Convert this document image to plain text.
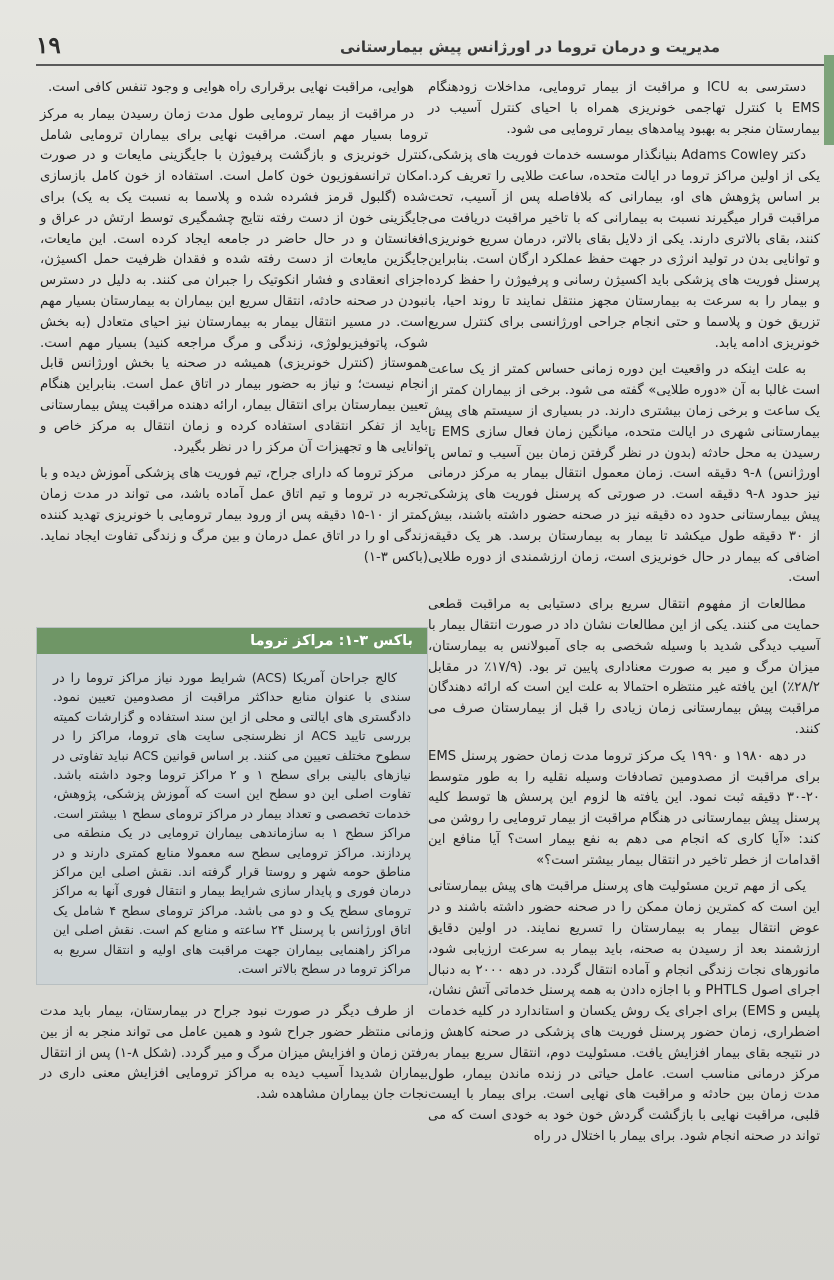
۱۹	مدیریت و درمان تروما در اورژانس پیش بیمارستانی

دسترسی به ICU و مراقبت از بیمار ترومایی، مداخلات زودهنگام EMS با کنترل تهاجمی خونریزی همراه با احیای کنترل آسیب در بیمارستان منجر به بهبود پیامدهای بیمار ترومایی می شود.

دکتر Adams Cowley بنیانگذار موسسه خدمات فوریت های پزشکی، یکی از اولین مراکز تروما در ایالت متحده، ساعت طلایی را تعریف کرد. بر اساس پژوهش های او، بیمارانی که بلافاصله پس از آسیب، تحت مراقبت قرار میگیرند نسبت به بیمارانی که با تاخیر مراقبت دریافت می کنند، بقای بالاتری دارند. یکی از دلایل بقای بالاتر، درمان سریع خونریزی و توانایی بدن در تولید انرژی در جهت حفظ عملکرد ارگان است. بنابراین پرسنل فوریت های پزشکی باید اکسیژن رسانی و پرفیوژن را حفظ کرده و بیمار را به سرعت به بیمارستان مجهز منتقل نمایند تا روند احیا، با تزریق خون و پلاسما و حتی انجام جراحی اورژانسی برای کنترل سریع خونریزی ادامه یابد.

به علت اینکه در واقعیت این دوره زمانی حساس کمتر از یک ساعت است غالبا به آن «دوره طلایی» گفته می شود. برخی از بیماران کمتر از یک ساعت و برخی زمان بیشتری دارند. در بسیاری از سیستم های پیش بیمارستانی شهری در ایالت متحده، میانگین زمان فعال سازی EMS تا رسیدن به محل حادثه (بدون در نظر گرفتن زمان بین آسیب و تماس با اورژانس) ۸-۹ دقیقه است. زمان معمول انتقال بیمار به مرکز درمانی نیز حدود ۸-۹ دقیقه است. در صورتی که پرسنل فوریت های پزشکی پیش بیمارستانی حدود ده دقیقه نیز در صحنه حضور داشته باشند، بیش از ۳۰ دقیقه طول میکشد تا بیمار به بیمارستان برسد. هر یک دقیقه اضافی که بیمار در حال خونریزی است، زمان ارزشمندی از دوره طلایی است.

مطالعات از مفهوم انتقال سریع برای دستیابی به مراقبت قطعی حمایت می کنند. یکی از این مطالعات نشان داد در صورت انتقال بیمار با آسیب دیدگی شدید با وسیله شخصی به جای آمبولانس به بیمارستان، میزان مرگ و میر به صورت معناداری پایین تر بود. (۱۷/۹٪ در مقابل ۲۸/۲٪) این یافته غیر منتظره احتمالا به علت این است که ارائه دهندگان مراقبت پیش بیمارستانی زمان زیادی را قبل از بیمارستان صرف می کنند.

در دهه ۱۹۸۰ و ۱۹۹۰ یک مرکز تروما مدت زمان حضور پرسنل EMS برای مراقبت از مصدومین تصادفات وسیله نقلیه را به طور متوسط ۲۰-۳۰ دقیقه ثبت نمود. این یافته ها لزوم این پرسش ها توسط کلیه پرسنل پیش بیمارستانی در هنگام مراقبت از بیمار ترومایی را روشن می کند: «آیا کاری که انجام می دهم به نفع بیمار است؟ آیا منافع این اقدامات از خطر تاخیر در انتقال بیمار بیشتر است؟»

یکی از مهم ترین مسئولیت های پرسنل مراقبت های پیش بیمارستانی این است که کمترین زمان ممکن را در صحنه حضور داشته باشند و در عوض انتقال بیمار به بیمارستان را تسریع نمایند. در اولین دقایق ارزشمند بعد از رسیدن به صحنه، باید بیمار به سرعت ارزیابی شود، مانورهای نجات زندگی انجام و آماده انتقال گردد. در دهه ۲۰۰۰ به دنبال اجرای اصول PHTLS و با اجازه دادن به همه پرسنل خدماتی آتش نشان، پلیس و EMS) برای اجرای یک روش یکسان و استاندارد در کلیه خدمات اضطراری، زمان حضور پرسنل فوریت های پزشکی در صحنه کاهش و در نتیجه بقای بیمار افزایش یافت. مسئولیت دوم، انتقال سریع بیمار به مرکز درمانی مناسب است. عامل حیاتی در زنده ماندن بیمار، طول مدت زمان بین حادثه و مراقبت های نهایی است. برای بیمار با ایست قلبی، مراقبت نهایی با بازگشت گردش خون خود به خودی است که می تواند در صحنه انجام شود. برای بیمار با اختلال در راه

هوایی، مراقبت نهایی برقراری راه هوایی و وجود تنفس کافی است.

در مراقبت از بیمار ترومایی طول مدت زمان رسیدن بیمار به مرکز تروما بسیار مهم است. مراقبت نهایی برای بیماران ترومایی شامل کنترل خونریزی و بازگشت پرفیوژن با جایگزینی مایعات و در صورت امکان ترانسفوزیون خون کامل است. استفاده از خون کامل بازسازی شده (گلبول قرمز فشرده شده و پلاسما به نسبت یک به یک) برای جایگزینی خون از دست رفته نتایج چشمگیری توسط ارتش در عراق و افغانستان و در حال حاضر در جامعه ایجاد کرده است. این مایعات، جایگزین مایعات از دست رفته شده و فقدان ظرفیت حمل اکسیژن، اجزای انعقادی و فشار انکوتیک را جبران می کنند. به دلیل در دسترس نبودن در صحنه حادثه، انتقال سریع این بیماران به بیمارستان بسیار مهم است. در مسیر انتقال بیمار به بیمارستان نیز احیای متعادل (به بخش شوک، پاتوفیزیولوژی، زندگی و مرگ مراجعه کنید) بسیار مهم است. هموستاز (کنترل خونریزی) همیشه در صحنه یا بخش اورژانس قابل انجام نیست؛ و نیاز به حضور بیمار در اتاق عمل است. بنابراین هنگام تعیین بیمارستان برای انتقال بیمار، ارائه دهنده مراقبت پیش بیمارستانی باید از تفکر انتقادی استفاده کرده و زمان انتقال به مرکز خاص و توانایی ها و تجهیزات آن مرکز را در نظر بگیرد.

مرکز تروما که دارای جراح، تیم فوریت های پزشکی آموزش دیده و با تجربه در تروما و تیم اتاق عمل آماده باشد، می تواند در مدت زمان کمتر از ۱۰-۱۵ دقیقه پس از ورود بیمار ترومایی با خونریزی تهدید کننده زندگی او را در اتاق عمل درمان و بین مرگ و زندگی تفاوت ایجاد نماید. (باکس ۳-۱)

باکس ۳-۱: مراکز تروما

کالج جراحان آمریکا (ACS) شرایط مورد نیاز مراکز تروما را در سندی با عنوان منابع حداکثر مراقبت از مصدومین تعیین نمود. دادگستری های ایالتی و محلی از این سند استفاده و گزارشات کمیته بررسی تایید ACS از نظرسنجی سایت های تروما، مراکز را در سطوح مختلف تعیین می کنند. بر اساس قوانین ACS نباید تفاوتی در نیازهای بالینی برای سطح ۱ و ۲ مراکز تروما وجود داشته باشد. تفاوت اصلی این دو سطح این است که آموزش پزشکی، پژوهش، خدمات تخصصی و تعداد بیمار در مراکز ترومای سطح ۱ بیشتر است. مراکز سطح ۱ به سازماندهی بیماران ترومایی در یک منطقه می پردازند. مراکز ترومایی سطح سه معمولا منابع کمتری دارند و در مناطق حومه شهر و روستا قرار گرفته اند. نقش اصلی این مراکز درمان فوری و پایدار سازی شرایط بیمار و انتقال فوری آنها به مراکز ترومای سطح یک و دو می باشد. مراکز ترومای سطح ۴ شامل یک اتاق اورژانس با پرسنل ۲۴ ساعته و منابع کم است. نقش اصلی این مراکز راهنمایی بیماران جهت مراقبت های اولیه و انتقال سریع به مراکز تروما در سطح بالاتر است.

از طرف دیگر در صورت نبود جراح در بیمارستان، بیمار باید مدت زمانی منتظر حضور جراح شود و همین عامل می تواند منجر به از بین رفتن زمان و افزایش میزان مرگ و میر گردد. (شکل ۸-۱) پس از انتقال بیماران شدیدا آسیب دیده به مراکز ترومایی افزایش معنی داری در نجات جان بیماران مشاهده شد.
